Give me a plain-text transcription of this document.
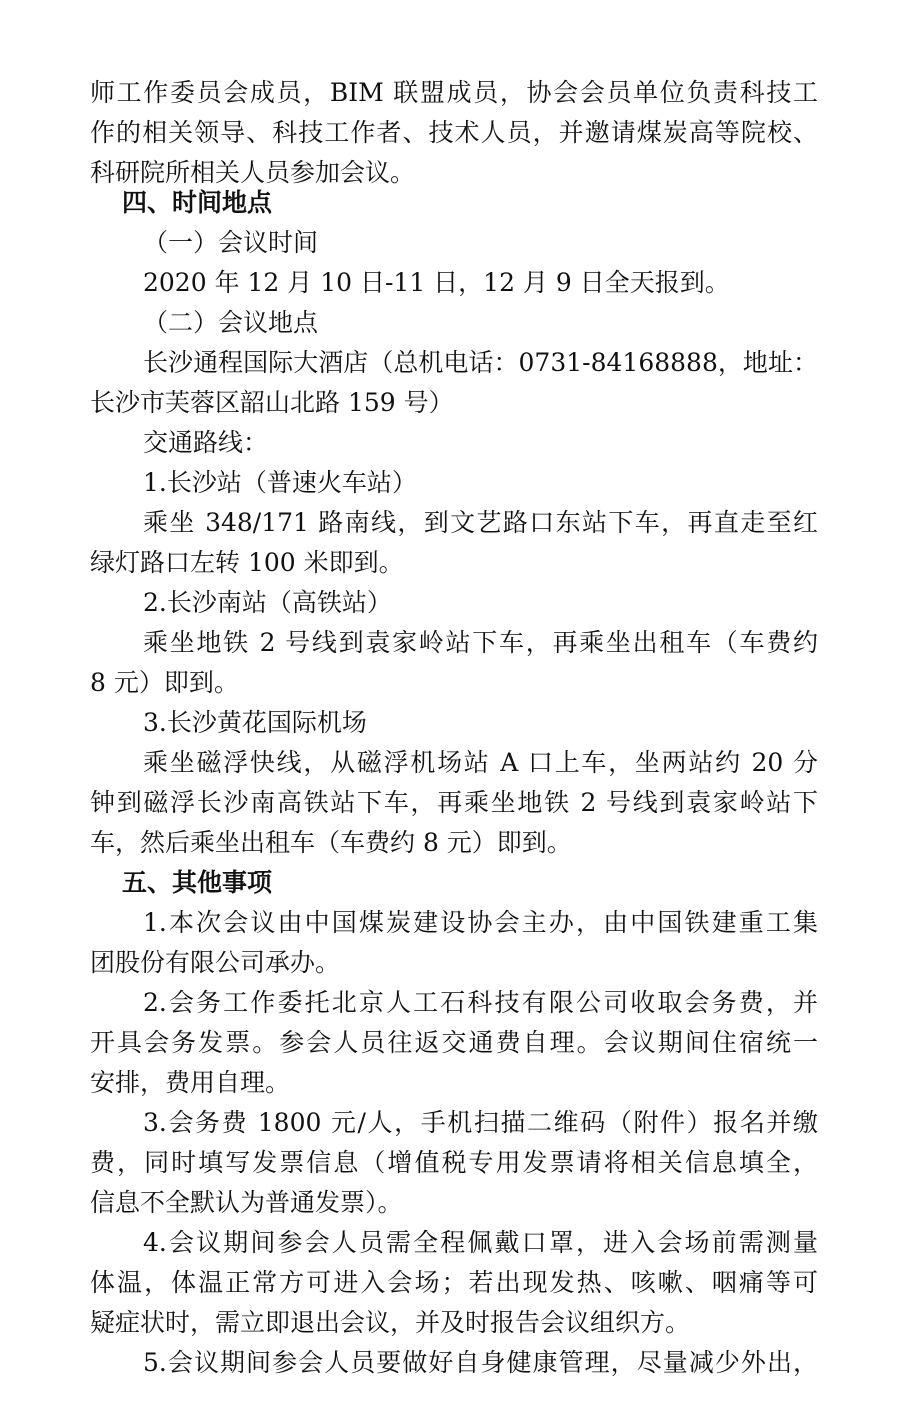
师工作委员会成员，BIM 联盟成员，协会会员单位负责科技工
作的相关领导、科技工作者、技术人员，并邀请煤炭高等院校、
科研院所相关人员参加会议。
四、时间地点
（一）会议时间
2020 年 12 月 10 日-11 日，12 月 9 日全天报到。
（二）会议地点
长沙通程国际大酒店（总机电话：0731-84168888，地址：
长沙市芙蓉区韶山北路 159 号）
交通路线：
1.长沙站（普速火车站）
乘坐 348/171 路南线，到文艺路口东站下车，再直走至红
绿灯路口左转 100 米即到。
2.长沙南站（高铁站）
乘坐地铁 2 号线到袁家岭站下车，再乘坐出租车（车费约
8 元）即到。
3.长沙黄花国际机场
乘坐磁浮快线，从磁浮机场站 A 口上车，坐两站约 20 分
钟到磁浮长沙南高铁站下车，再乘坐地铁 2 号线到袁家岭站下
车，然后乘坐出租车（车费约 8 元）即到。
五、其他事项
1.本次会议由中国煤炭建设协会主办，由中国铁建重工集
团股份有限公司承办。
2.会务工作委托北京人工石科技有限公司收取会务费，并
开具会务发票。参会人员往返交通费自理。会议期间住宿统一
安排，费用自理。
3.会务费 1800 元/人，手机扫描二维码（附件）报名并缴
费，同时填写发票信息（增值税专用发票请将相关信息填全，
信息不全默认为普通发票）。
4.会议期间参会人员需全程佩戴口罩，进入会场前需测量
体温，体温正常方可进入会场；若出现发热、咳嗽、咽痛等可
疑症状时，需立即退出会议，并及时报告会议组织方。
5.会议期间参会人员要做好自身健康管理，尽量减少外出，
